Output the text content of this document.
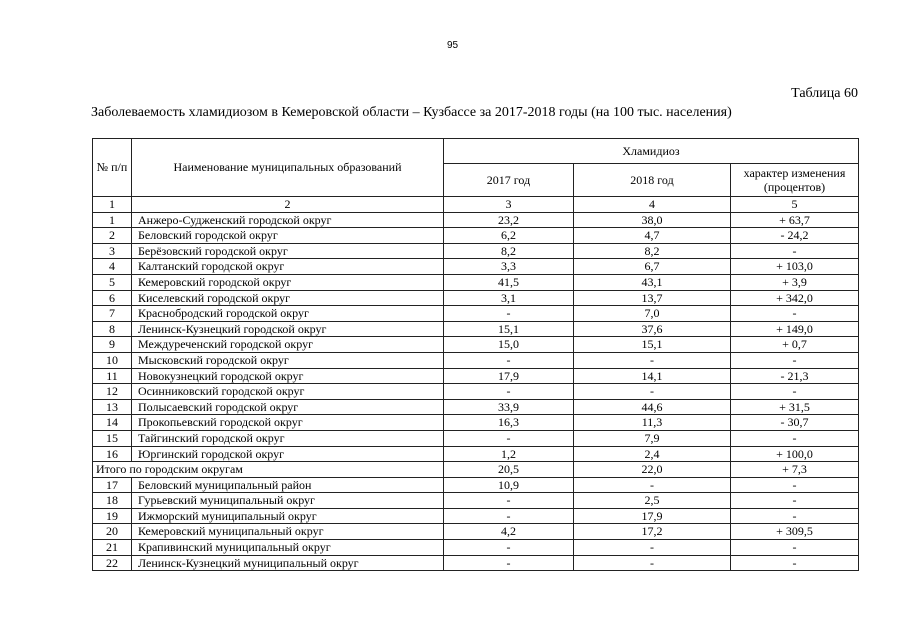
95
Таблица 60
Заболеваемость хламидиозом в Кемеровской области – Кузбассе за 2017-2018 годы (на 100 тыс. населения)
№ п/п	Наименование муниципальных образований	Хламидиоз		
		2017 год	2018 год	характер изменения (процентов)
1	2	3	4	5
1	Анжеро-Судженский городской округ	23,2	38,0	+ 63,7
2	Беловский городской округ	6,2	4,7	- 24,2
3	Берёзовский городской округ	8,2	8,2	-
4	Калтанский городской округ	3,3	6,7	+ 103,0
5	Кемеровский городской округ	41,5	43,1	+ 3,9
6	Киселевский городской округ	3,1	13,7	+ 342,0
7	Краснобродский городской округ	-	7,0	-
8	Ленинск-Кузнецкий городской округ	15,1	37,6	+ 149,0
9	Междуреченский городской округ	15,0	15,1	+ 0,7
10	Мысковский городской округ	-	-	-
11	Новокузнецкий городской округ	17,9	14,1	- 21,3
12	Осинниковский городской округ	-	-	-
13	Полысаевский городской округ	33,9	44,6	+ 31,5
14	Прокопьевский городской округ	16,3	11,3	- 30,7
15	Тайгинский городской округ	-	7,9	-
16	Юргинский городской округ	1,2	2,4	+ 100,0
Итого по городским округам		20,5	22,0	+ 7,3
17	Беловский муниципальный район	10,9	-	-
18	Гурьевский муниципальный округ	-	2,5	-
19	Ижморский муниципальный округ	-	17,9	-
20	Кемеровский муниципальный округ	4,2	17,2	+ 309,5
21	Крапивинский муниципальный округ	-	-	-
22	Ленинск-Кузнецкий муниципальный округ	-	-	-
